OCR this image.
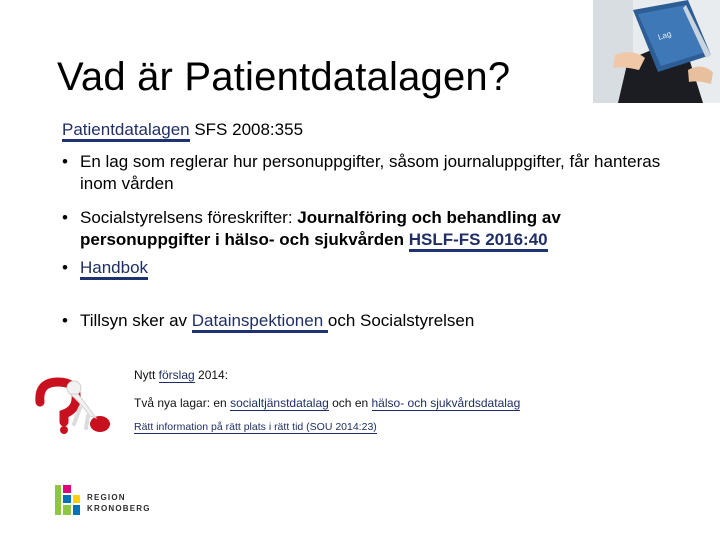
Vad är Patientdatalagen?
Lag
Patientdatalagen SFS 2008:355
• En lag som reglerar hur personuppgifter, såsom journaluppgifter, får hanteras inom vården
• Socialstyrelsens föreskrifter: Journalföring och behandling av personuppgifter i hälso- och sjukvården HSLF-FS 2016:40
• Handbok
• Tillsyn sker av Datainspektionen och Socialstyrelsen
Nytt förslag 2014:
Två nya lagar: en socialtjänstdatalag och en hälso- och sjukvårdsdatalag
Rätt information på rätt plats i rätt tid (SOU 2014:23)
REGION
KRONOBERG
